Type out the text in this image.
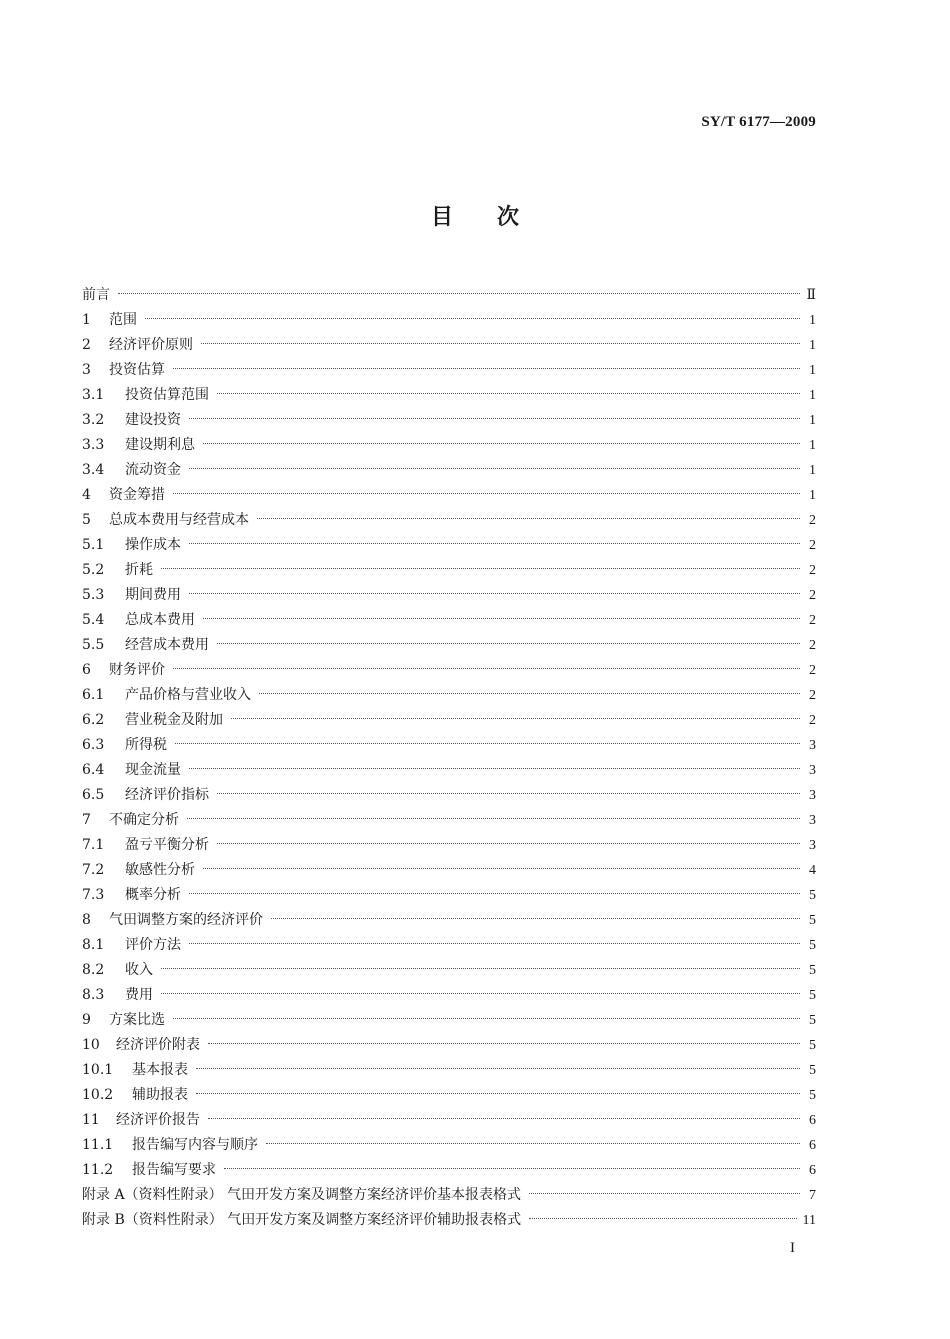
SY/T 6177—2009
目 次
前言	Ⅱ
1	范围	1
2	经济评价原则	1
3	投资估算	1
3.1	投资估算范围	1
3.2	建设投资	1
3.3	建设期利息	1
3.4	流动资金	1
4	资金筹措	1
5	总成本费用与经营成本	2
5.1	操作成本	2
5.2	折耗	2
5.3	期间费用	2
5.4	总成本费用	2
5.5	经营成本费用	2
6	财务评价	2
6.1	产品价格与营业收入	2
6.2	营业税金及附加	2
6.3	所得税	3
6.4	现金流量	3
6.5	经济评价指标	3
7	不确定分析	3
7.1	盈亏平衡分析	3
7.2	敏感性分析	4
7.3	概率分析	5
8	气田调整方案的经济评价	5
8.1	评价方法	5
8.2	收入	5
8.3	费用	5
9	方案比选	5
10	经济评价附表	5
10.1	基本报表	5
10.2	辅助报表	5
11	经济评价报告	6
11.1	报告编写内容与顺序	6
11.2	报告编写要求	6
附录 A（资料性附录） 气田开发方案及调整方案经济评价基本报表格式	7
附录 B（资料性附录） 气田开发方案及调整方案经济评价辅助报表格式	11
I
